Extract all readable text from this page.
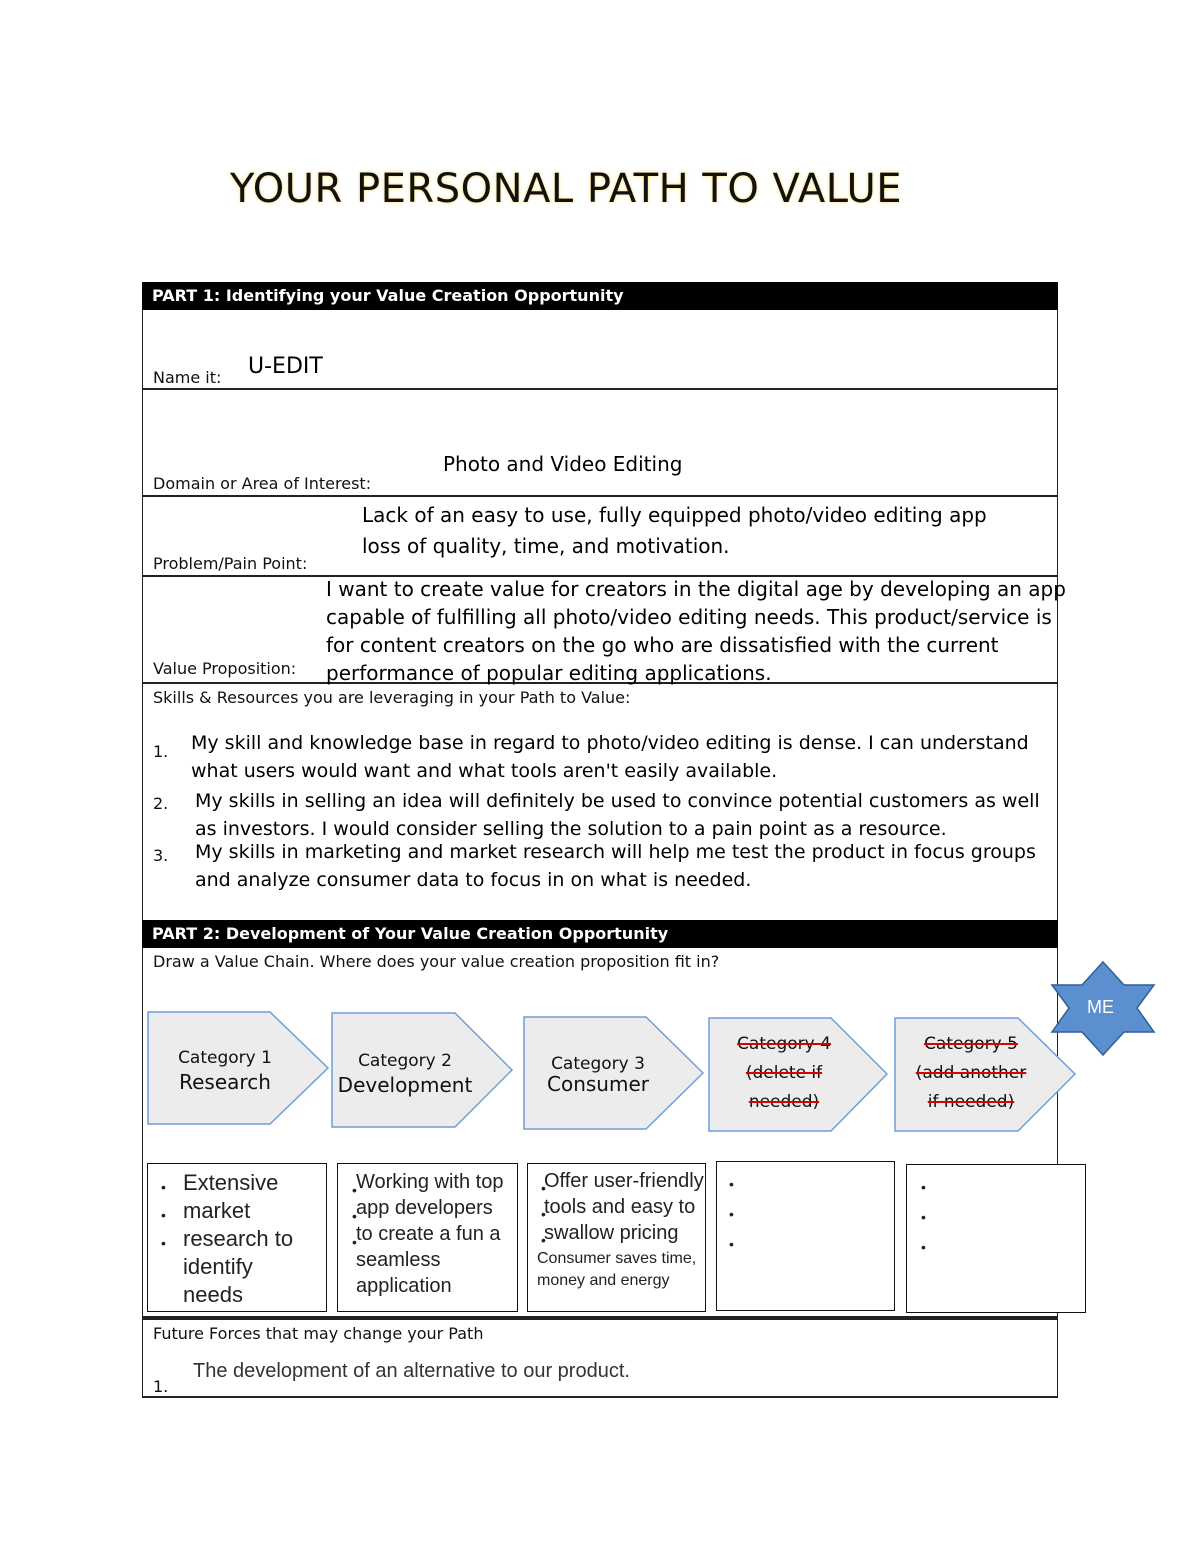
YOUR PERSONAL PATH TO VALUE
PART 1: Identifying your Value Creation Opportunity
Name it: U-EDIT
Domain or Area of Interest:
Photo and Video Editing
Problem/Pain Point:
Lack of an easy to use, fully equipped photo/video editing app
loss of quality, time, and motivation.
Value Proposition:
I want to create value for creators in the digital age by developing an app
capable of fulfilling all photo/video editing needs. This product/service is
for content creators on the go who are dissatisfied with the current
performance of popular editing applications.
Skills & Resources you are leveraging in your Path to Value:
1. My skill and knowledge base in regard to photo/video editing is dense. I can understand
what users would want and what tools aren't easily available.
2. My skills in selling an idea will definitely be used to convince potential customers as well
as investors. I would consider selling the solution to a pain point as a resource.
3. My skills in marketing and market research will help me test the product in focus groups
and analyze consumer data to focus in on what is needed.
PART 2: Development of Your Value Creation Opportunity
Draw a Value Chain. Where does your value creation proposition fit in?
ME
Category 1
Research
Category 2
Development
Category 3
Consumer
Category 4
(delete if
needed)
Category 5
(add another
if needed)
•
•
•
Extensive
market
research to
identify
needs
Working with top
app developers
to create a fun a
seamless
application
•
•
•
Offer user-friendly
tools and easy to
swallow pricing
Consumer saves time,
money and energy
•
•
•
•
•
•
•
•
•
Future Forces that may change your Path
1.
The development of an alternative to our product.
